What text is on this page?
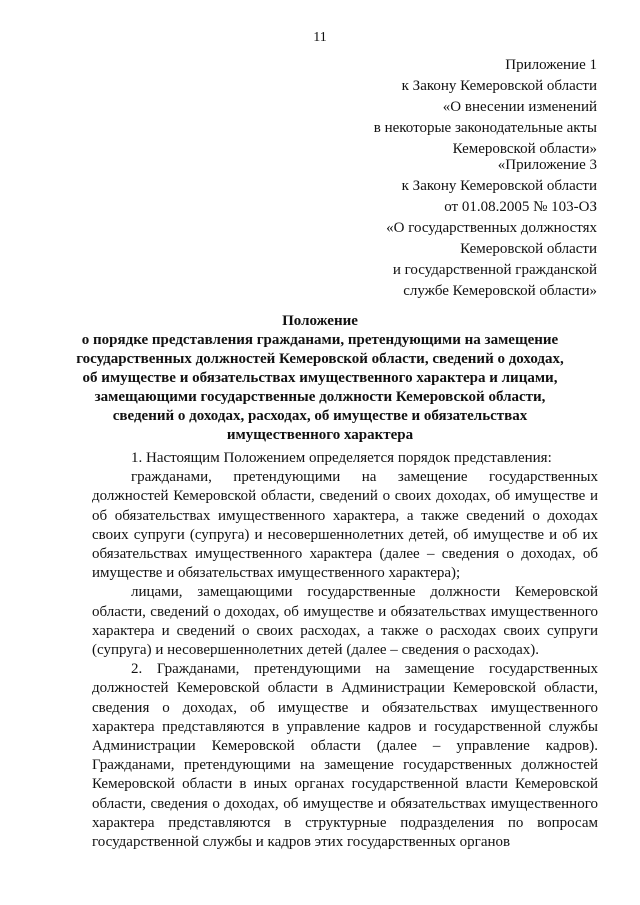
11
Приложение 1
к Закону Кемеровской области
«О внесении изменений
в некоторые законодательные акты
Кемеровской области»
«Приложение 3
к Закону Кемеровской области
от 01.08.2005 № 103-ОЗ
«О государственных должностях
Кемеровской области
и государственной гражданской
службе Кемеровской области»
Положение
о порядке представления гражданами, претендующими на замещение
государственных должностей Кемеровской области, сведений о доходах,
об имуществе и обязательствах имущественного характера и лицами,
замещающими государственные должности Кемеровской области,
сведений о доходах, расходах, об имуществе и обязательствах
имущественного характера

1. Настоящим Положением определяется порядок представления:

гражданами, претендующими на замещение государственных должностей Кемеровской области, сведений о своих доходах, об имуществе и об обязательствах имущественного характера, а также сведений о доходах своих супруги (супруга) и несовершеннолетних детей, об имуществе и об их обязательствах имущественного характера (далее – сведения о доходах, об имуществе и обязательствах имущественного характера);

лицами, замещающими государственные должности Кемеровской области, сведений о доходах, об имуществе и обязательствах имущественного характера и сведений о своих расходах, а также о расходах своих супруги (супруга) и несовершеннолетних детей (далее – сведения о расходах).

2. Гражданами, претендующими на замещение государственных должностей Кемеровской области в Администрации Кемеровской области, сведения о доходах, об имуществе и обязательствах имущественного характера представляются в управление кадров и государственной службы Администрации Кемеровской области (далее – управление кадров). Гражданами, претендующими на замещение государственных должностей Кемеровской области в иных органах государственной власти Кемеровской области, сведения о доходах, об имуществе и обязательствах имущественного характера представляются в структурные подразделения по вопросам государственной службы и кадров этих государственных органов
